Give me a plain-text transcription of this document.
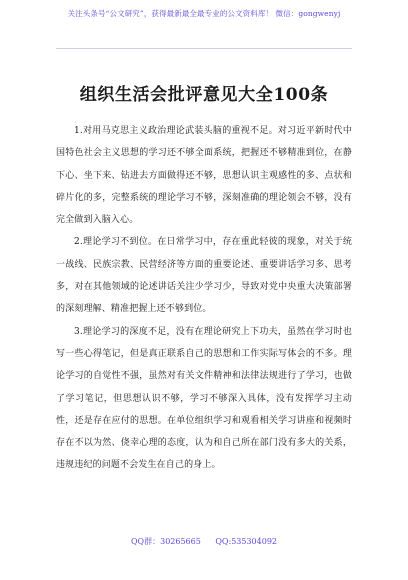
关注头条号“公文研究”，获得最新最全最专业的公文资料库！ 微信：gongwenyj
组织生活会批评意见大全100条

1.对用马克思主义政治理论武装头脑的重视不足。对习近平新时代中国特色社会主义思想的学习还不够全面系统，把握还不够精准到位，在静下心、坐下来、钻进去方面做得还不够，思想认识主观感性的多、点状和碎片化的多，完整系统的理论学习不够，深刻准确的理论领会不够，没有完全做到入脑入心。

2.理论学习不到位。在日常学习中，存在重此轻彼的现象，对关于统一战线、民族宗教、民营经济等方面的重要论述、重要讲话学习多、思考多，对在其他领域的论述讲话关注少学习少，导致对党中央重大决策部署的深刻理解、精准把握上还不够到位。

3.理论学习的深度不足，没有在理论研究上下功夫，虽然在学习时也写一些心得笔记，但是真正联系自己的思想和工作实际写体会的不多。理论学习的自觉性不强，虽然对有关文件精神和法律法规进行了学习，也做了学习笔记，但思想认识不够，学习不够深入具体，没有发挥学习主动性，还是存在应付的思想。在单位组织学习和观看相关学习讲座和视频时存在不以为然、侥幸心理的态度，认为和自己所在部门没有多大的关系，违规违纪的问题不会发生在自己的身上。

QQ群：30265665 QQ:535304092
